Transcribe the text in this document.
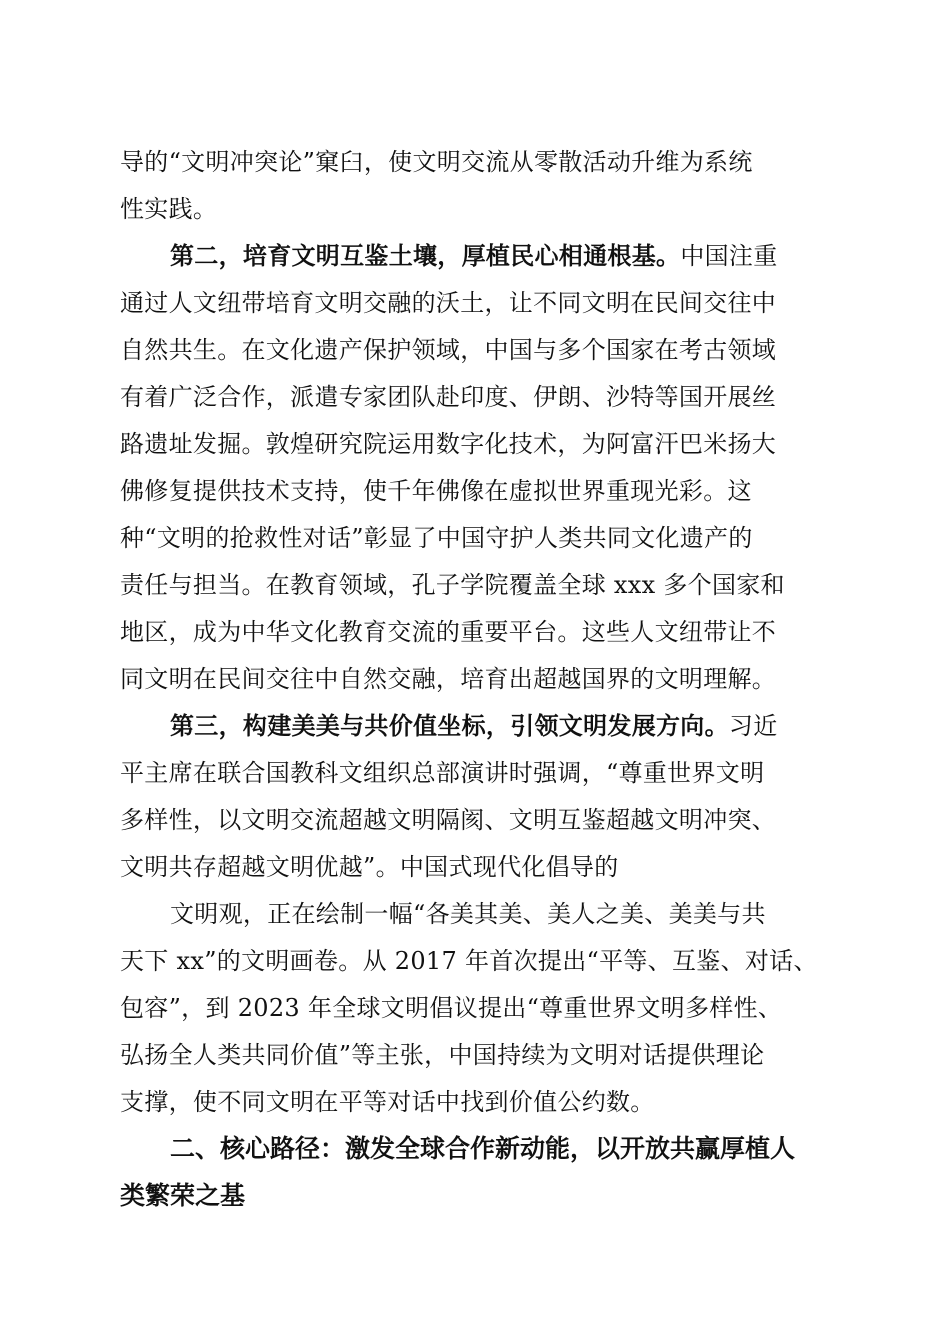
导的“文明冲突论”窠臼，使文明交流从零散活动升维为系统
性实践。
第二，培育文明互鉴土壤，厚植民心相通根基。中国注重
通过人文纽带培育文明交融的沃土，让不同文明在民间交往中
自然共生。在文化遗产保护领域，中国与多个国家在考古领域
有着广泛合作，派遣专家团队赴印度、伊朗、沙特等国开展丝
路遗址发掘。敦煌研究院运用数字化技术，为阿富汗巴米扬大
佛修复提供技术支持，使千年佛像在虚拟世界重现光彩。这
种“文明的抢救性对话”彰显了中国守护人类共同文化遗产的
责任与担当。在教育领域，孔子学院覆盖全球 xxx 多个国家和
地区，成为中华文化教育交流的重要平台。这些人文纽带让不
同文明在民间交往中自然交融，培育出超越国界的文明理解。
第三，构建美美与共价值坐标，引领文明发展方向。习近
平主席在联合国教科文组织总部演讲时强调，“尊重世界文明
多样性，以文明交流超越文明隔阂、文明互鉴超越文明冲突、
文明共存超越文明优越”。中国式现代化倡导的
文明观，正在绘制一幅“各美其美、美人之美、美美与共
天下 xx”的文明画卷。从 2017 年首次提出“平等、互鉴、对话、
包容”，到 2023 年全球文明倡议提出“尊重世界文明多样性、
弘扬全人类共同价值”等主张，中国持续为文明对话提供理论
支撑，使不同文明在平等对话中找到价值公约数。
二、核心路径：激发全球合作新动能，以开放共赢厚植人
类繁荣之基
